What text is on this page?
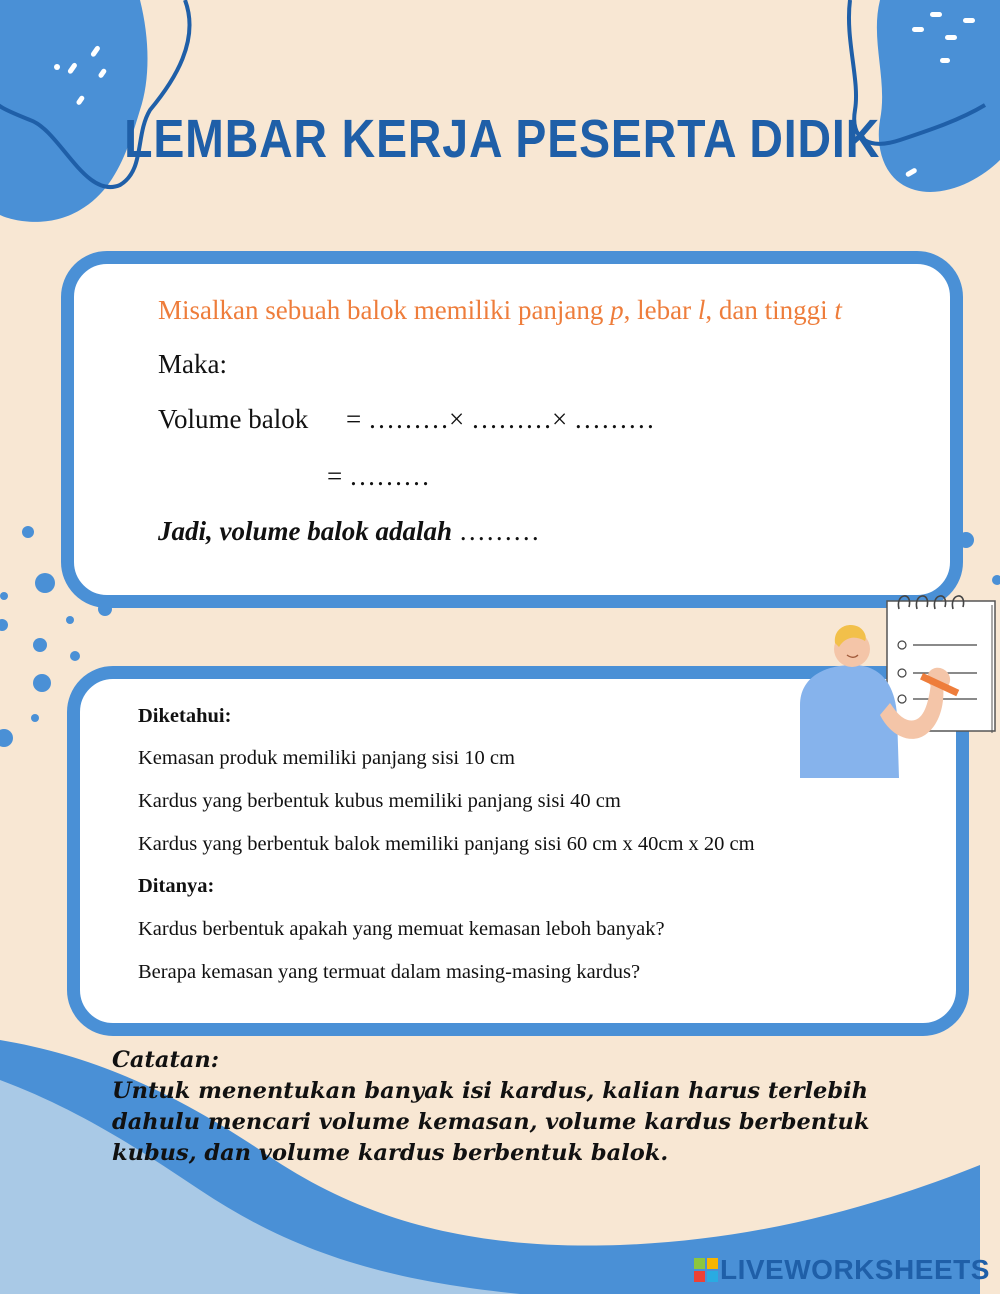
LEMBAR KERJA PESERTA DIDIK
Misalkan sebuah balok memiliki panjang p, lebar l, dan tinggi t
Maka:
Volume balok = ………× ………× ………
= ………
Jadi, volume balok adalah ………
Diketahui:
Kemasan produk memiliki panjang sisi 10 cm
Kardus yang berbentuk kubus memiliki panjang sisi 40 cm
Kardus yang berbentuk balok memiliki panjang sisi 60 cm x 40cm x 20 cm
Ditanya:
Kardus berbentuk apakah yang memuat kemasan leboh banyak?
Berapa kemasan yang termuat dalam masing-masing kardus?
Catatan:
Untuk menentukan banyak isi kardus, kalian harus terlebih dahulu mencari volume kemasan, volume kardus berbentuk kubus, dan volume kardus berbentuk balok.
LIVEWORKSHEETS
